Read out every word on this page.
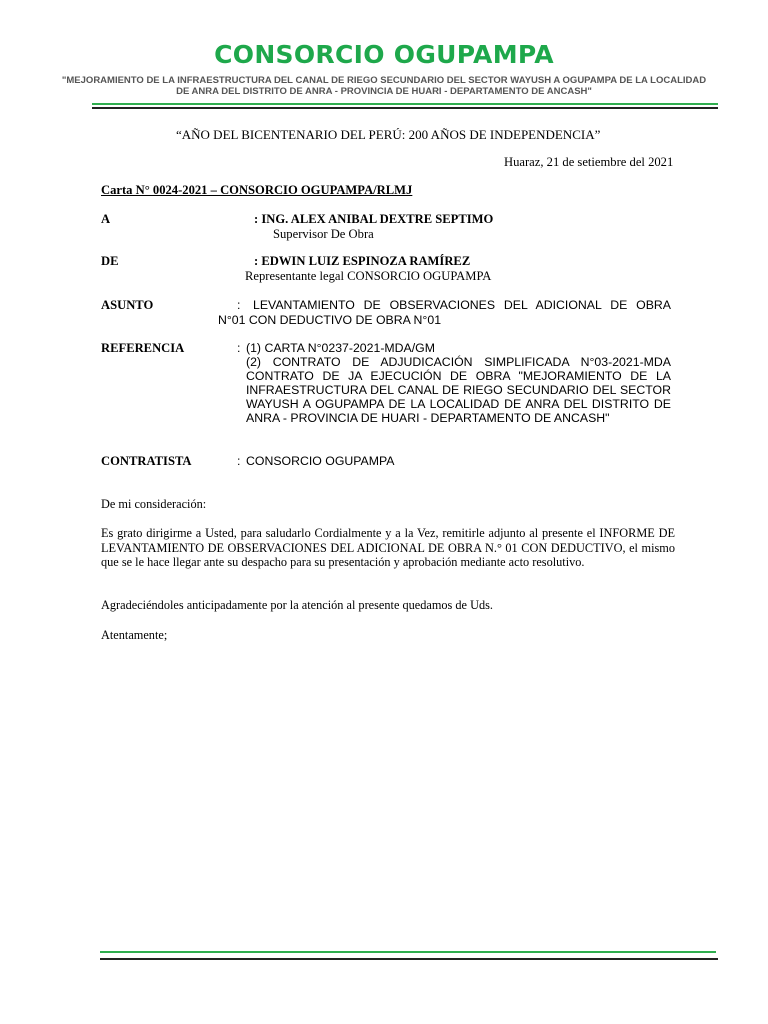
CONSORCIO OGUPAMPA
"MEJORAMIENTO DE LA INFRAESTRUCTURA DEL CANAL DE RIEGO SECUNDARIO DEL SECTOR WAYUSH A OGUPAMPA DE LA LOCALIDAD
DE ANRA DEL DISTRITO DE ANRA - PROVINCIA DE HUARI - DEPARTAMENTO DE ANCASH"
“AÑO DEL BICENTENARIO DEL PERÚ: 200 AÑOS DE INDEPENDENCIA”
Huaraz, 21 de setiembre del 2021
Carta N° 0024-2021 – CONSORCIO OGUPAMPA/RLMJ
A	: ING. ALEX ANIBAL DEXTRE SEPTIMO
Supervisor De Obra
DE	: EDWIN LUIZ ESPINOZA RAMÍREZ
Representante legal CONSORCIO OGUPAMPA
ASUNTO	: LEVANTAMIENTO DE OBSERVACIONES DEL ADICIONAL DE OBRA
N°01 CON DEDUCTIVO DE OBRA N°01
REFERENCIA	: (1) CARTA N°0237-2021-MDA/GM
(2) CONTRATO DE ADJUDICACIÓN SIMPLIFICADA N°03-2021-MDA CONTRATO DE JA EJECUCIÓN DE OBRA "MEJORAMIENTO DE LA INFRAESTRUCTURA DEL CANAL DE RIEGO SECUNDARIO DEL SECTOR WAYUSH A OGUPAMPA DE LA LOCALIDAD DE ANRA DEL DISTRITO DE ANRA - PROVINCIA DE HUARI - DEPARTAMENTO DE ANCASH"
CONTRATISTA	: CONSORCIO OGUPAMPA
De mi consideración:
Es grato dirigirme a Usted, para saludarlo Cordialmente y a la Vez, remitirle adjunto al presente el INFORME DE LEVANTAMIENTO DE OBSERVACIONES DEL ADICIONAL DE OBRA N.° 01 CON DEDUCTIVO, el mismo que se le hace llegar ante su despacho para su presentación y aprobación mediante acto resolutivo.
Agradeciéndoles anticipadamente por la atención al presente quedamos de Uds.
Atentamente;
